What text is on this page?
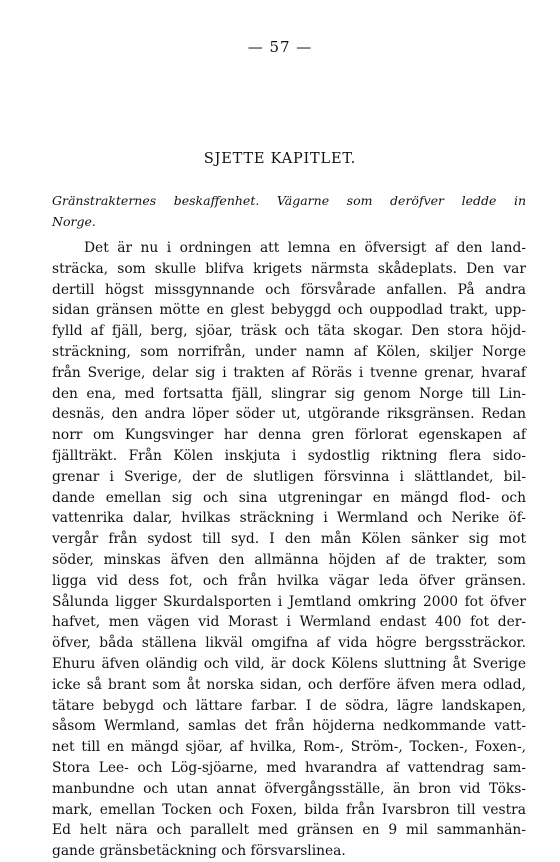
— 57 —
SJETTE KAPITLET.
Gränstrakternes beskaffenhet. Vägarne som deröfver ledde in
Norge.
Det är nu i ordningen att lemna en öfversigt af den land-
sträcka, som skulle blifva krigets närmsta skådeplats. Den var
dertill högst missgynnande och försvårade anfallen. På andra
sidan gränsen mötte en glest bebyggd och ouppodlad trakt, upp-
fylld af fjäll, berg, sjöar, träsk och täta skogar. Den stora höjd-
sträckning, som norrifrån, under namn af Kölen, skiljer Norge
från Sverige, delar sig i trakten af Röräs i tvenne grenar, hvaraf
den ena, med fortsatta fjäll, slingrar sig genom Norge till Lin-
desnäs, den andra löper söder ut, utgörande riksgränsen. Redan
norr om Kungsvinger har denna gren förlorat egenskapen af
fjällträkt. Från Kölen inskjuta i sydostlig riktning flera sido-
grenar i Sverige, der de slutligen försvinna i slättlandet, bil-
dande emellan sig och sina utgreningar en mängd flod- och
vattenrika dalar, hvilkas sträckning i Wermland och Nerike öf-
vergår från sydost till syd. I den mån Kölen sänker sig mot
söder, minskas äfven den allmänna höjden af de trakter, som
ligga vid dess fot, och från hvilka vägar leda öfver gränsen.
Sålunda ligger Skurdalsporten i Jemtland omkring 2000 fot öfver
hafvet, men vägen vid Morast i Wermland endast 400 fot der-
öfver, båda ställena likväl omgifna af vida högre bergssträckor.
Ehuru äfven oländig och vild, är dock Kölens sluttning åt Sverige
icke så brant som åt norska sidan, och derföre äfven mera odlad,
tätare bebygd och lättare farbar. I de södra, lägre landskapen,
såsom Wermland, samlas det från höjderna nedkommande vatt-
net till en mängd sjöar, af hvilka, Rom-, Ström-, Tocken-, Foxen-,
Stora Lee- och Lög-sjöarne, med hvarandra af vattendrag sam-
manbundne och utan annat öfvergångsställe, än bron vid Töks-
mark, emellan Tocken och Foxen, bilda från Ivarsbron till vestra
Ed helt nära och parallelt med gränsen en 9 mil sammanhän-
gande gränsbetäckning och försvarslinea.
